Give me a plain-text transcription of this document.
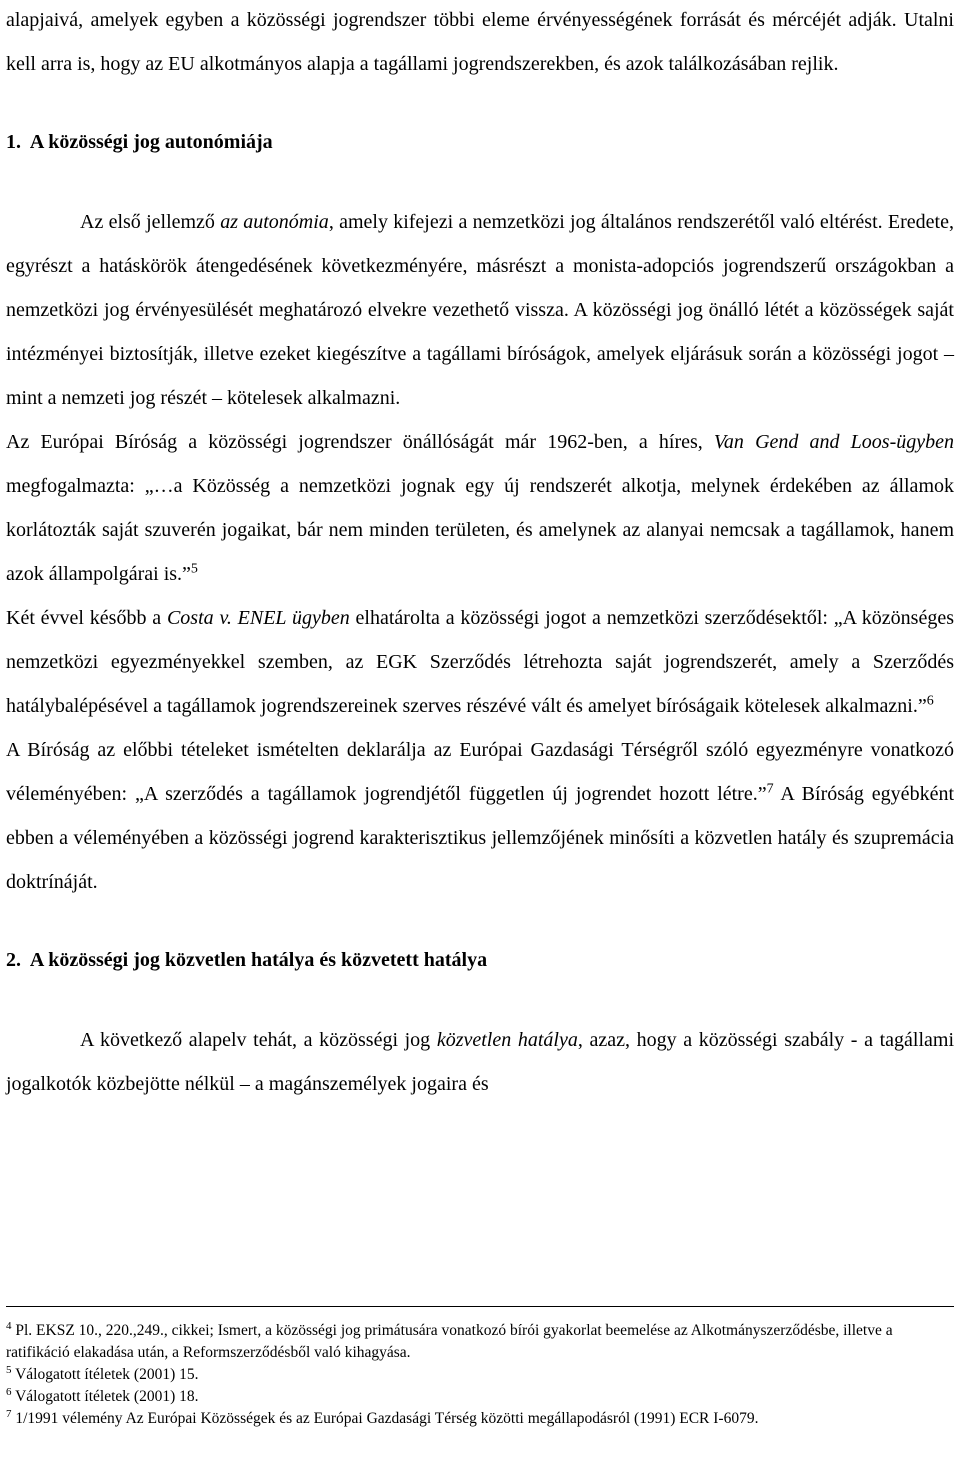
alapjaivá, amelyek egyben a közösségi jogrendszer többi eleme érvényességének forrását és mércéjét adják. Utalni kell arra is, hogy az EU alkotmányos alapja a tagállami jogrendszerekben, és azok találkozásában rejlik.

1.  A közösségi jog autonómiája

Az első jellemző az autonómia, amely kifejezi a nemzetközi jog általános rendszerétől való eltérést. Eredete, egyrészt a hatáskörök átengedésének következményére, másrészt a monista-adopciós jogrendszerű országokban a nemzetközi jog érvényesülését meghatározó elvekre vezethető vissza. A közösségi jog önálló létét a közösségek saját intézményei biztosítják, illetve ezeket kiegészítve a tagállami bíróságok, amelyek eljárásuk során a közösségi jogot – mint a nemzeti jog részét – kötelesek alkalmazni.

Az Európai Bíróság a közösségi jogrendszer önállóságát már 1962-ben, a híres, Van Gend and Loos-ügyben megfogalmazta: „…a Közösség a nemzetközi jognak egy új rendszerét alkotja, melynek érdekében az államok korlátozták saját szuverén jogaikat, bár nem minden területen, és amelynek az alanyai nemcsak a tagállamok, hanem azok állampolgárai is.”$^5$

Két évvel később a Costa v. ENEL ügyben elhatárolta a közösségi jogot a nemzetközi szerződésektől: „A közönséges nemzetközi egyezményekkel szemben, az EGK Szerződés létrehozta saját jogrendszerét, amely a Szerződés hatálybalépésével a tagállamok jogrendszereinek szerves részévé vált és amelyet bíróságaik kötelesek alkalmazni.”$^6$

A Bíróság az előbbi tételeket ismételten deklarálja az Európai Gazdasági Térségről szóló egyezményre vonatkozó véleményében: „A szerződés a tagállamok jogrendjétől független új jogrendet hozott létre.”$^7$ A Bíróság egyébként ebben a véleményében a közösségi jogrend karakterisztikus jellemzőjének minősíti a közvetlen hatály és szupremácia doktrínáját.

2.  A közösségi jog közvetlen hatálya és közvetett hatálya

A következő alapelv tehát, a közösségi jog közvetlen hatálya, azaz, hogy a közösségi szabály - a tagállami jogalkotók közbejötte nélkül – a magánszemélyek jogaira és

$^4$ Pl. EKSZ 10., 220.,249., cikkei; Ismert, a közösségi jog primátusára vonatkozó bírói gyakorlat beemelése az Alkotmányszerződésbe, illetve a ratifikáció elakadása után, a Reformszerződésből való kihagyása.

$^5$ Válogatott ítéletek (2001) 15.

$^6$ Válogatott ítéletek (2001) 18.

$^7$ 1/1991 vélemény Az Európai Közösségek és az Európai Gazdasági Térség közötti megállapodásról (1991) ECR I-6079.
